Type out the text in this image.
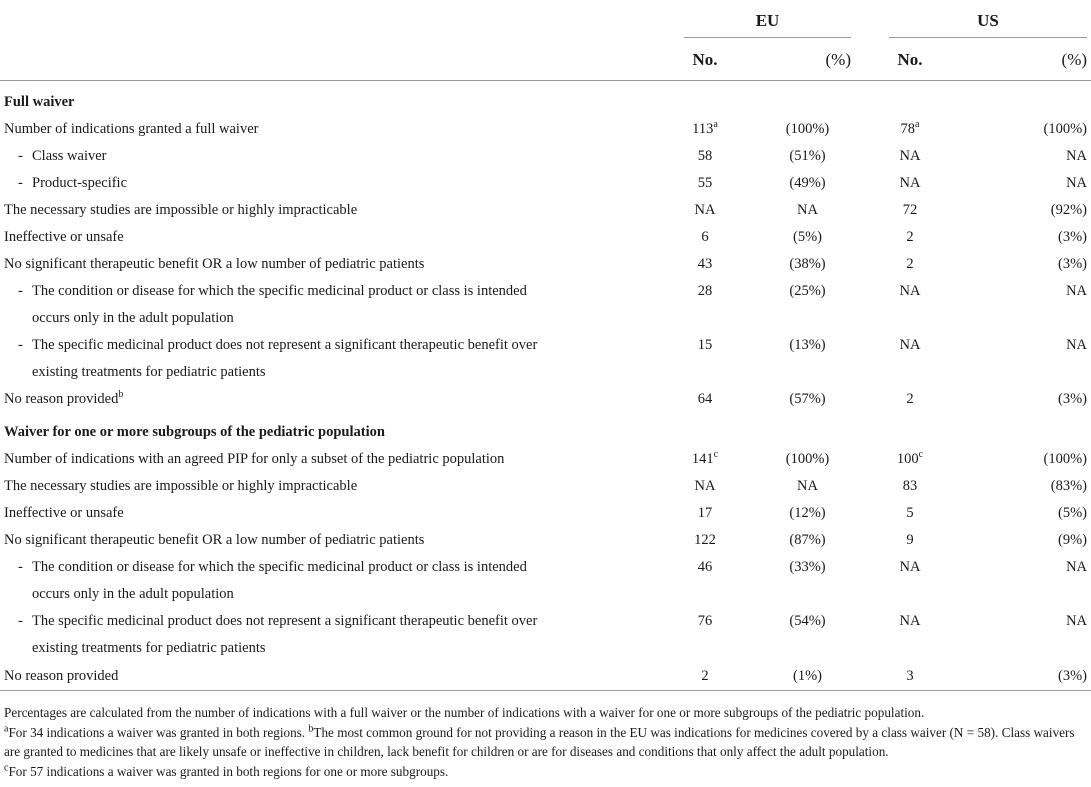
	EU		US	

	No.	(%)	No.	(%)
Full waiver				
Number of indications granted a full waiver	113$^a$	(100%)	78$^a$	(100%)
- Class waiver	58	(51%)	NA	NA
- Product-specific	55	(49%)	NA	NA
The necessary studies are impossible or highly impracticable	NA	NA	72	(92%)
Ineffective or unsafe	6	(5%)	2	(3%)
No significant therapeutic benefit OR a low number of pediatric patients	43	(38%)	2	(3%)
- The condition or disease for which the specific medicinal product or class is intended
occurs only in the adult population	28	(25%)	NA	NA
- The specific medicinal product does not represent a significant therapeutic benefit over
existing treatments for pediatric patients	15	(13%)	NA	NA
No reason provided$^b$	64	(57%)	2	(3%)
Waiver for one or more subgroups of the pediatric population				
Number of indications with an agreed PIP for only a subset of the pediatric population	141$^c$	(100%)	100$^c$	(100%)
The necessary studies are impossible or highly impracticable	NA	NA	83	(83%)
Ineffective or unsafe	17	(12%)	5	(5%)
No significant therapeutic benefit OR a low number of pediatric patients	122	(87%)	9	(9%)
- The condition or disease for which the specific medicinal product or class is intended
occurs only in the adult population	46	(33%)	NA	NA
- The specific medicinal product does not represent a significant therapeutic benefit over
existing treatments for pediatric patients	76	(54%)	NA	NA
No reason provided	2	(1%)	3	(3%)

Percentages are calculated from the number of indications with a full waiver or the number of indications with a waiver for one or more subgroups of the pediatric population.

$^a$For 34 indications a waiver was granted in both regions. $^b$The most common ground for not providing a reason in the EU was indications for medicines covered by a class waiver (N = 58). Class waivers are granted to medicines that are likely unsafe or ineffective in children, lack benefit for children or are for diseases and conditions that only affect the adult population.

$^c$For 57 indications a waiver was granted in both regions for one or more subgroups.
